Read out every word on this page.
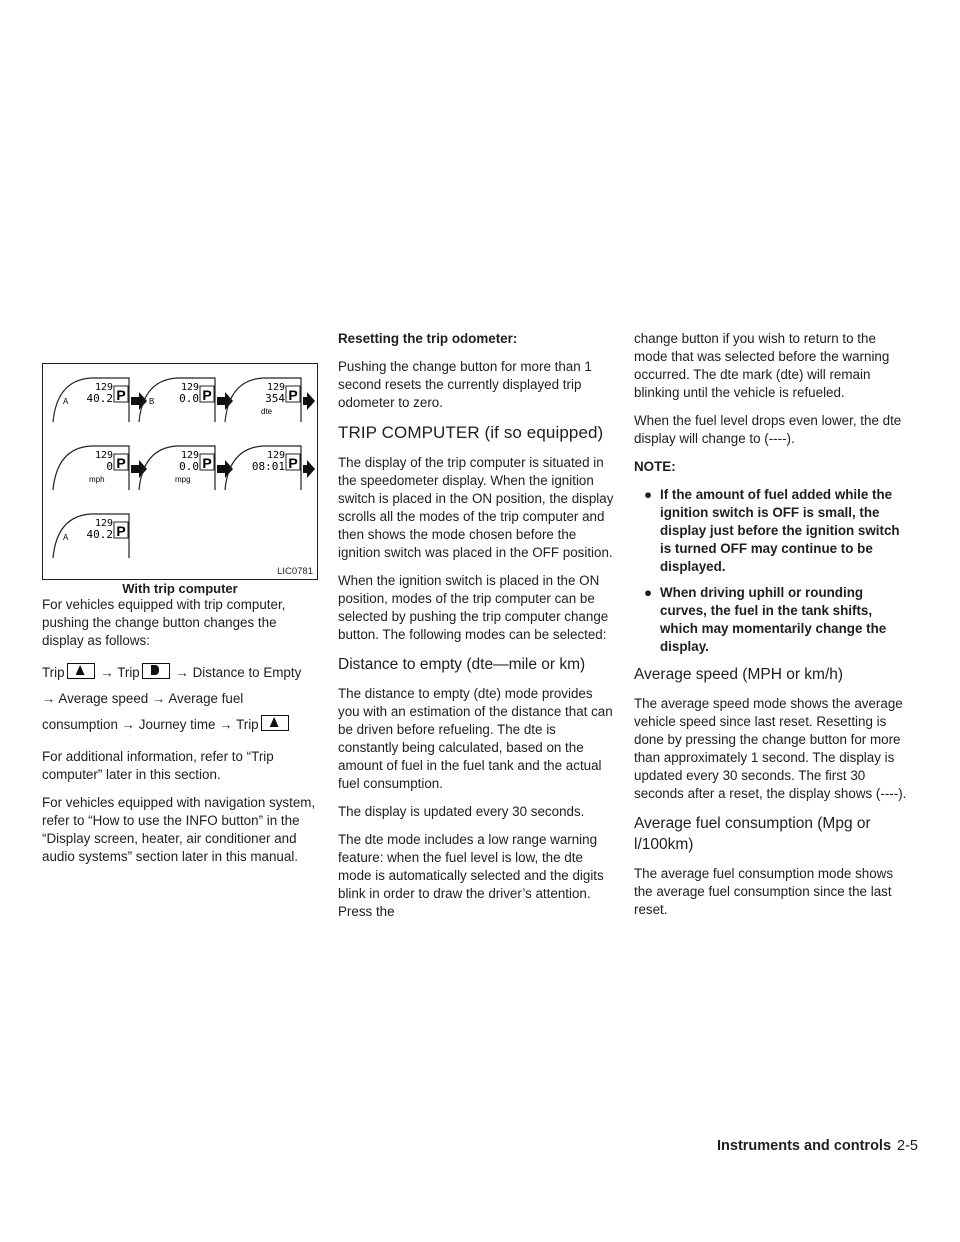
129
40.2 P
A
129
0.0 P
B
129
354 P
dte
129
0 P
mph
129
0.0 P
mpg
129
08:01 P
129
40.2 P
A
LIC0781
With trip computer

For vehicles equipped with trip computer, pushing the change button changes the display as follows:

Trip	→ Trip	→ Distance to Empty → Average speed → Average fuel consumption → Journey time → Trip

For additional information, refer to “Trip computer” later in this section.

For vehicles equipped with navigation system, refer to “How to use the INFO button” in the “Display screen, heater, air conditioner and audio systems” section later in this manual.

Resetting the trip odometer:

Pushing the change button for more than 1 second resets the currently displayed trip odometer to zero.

TRIP COMPUTER (if so equipped)

The display of the trip computer is situated in the speedometer display. When the ignition switch is placed in the ON position, the display scrolls all the modes of the trip computer and then shows the mode chosen before the ignition switch was placed in the OFF position.

When the ignition switch is placed in the ON position, modes of the trip computer can be selected by pushing the trip computer change button. The following modes can be selected:

Distance to empty (dte—mile or km)

The distance to empty (dte) mode provides you with an estimation of the distance that can be driven before refueling. The dte is constantly being calculated, based on the amount of fuel in the fuel tank and the actual fuel consumption.

The display is updated every 30 seconds.

The dte mode includes a low range warning feature: when the fuel level is low, the dte mode is automatically selected and the digits blink in order to draw the driver’s attention. Press the

change button if you wish to return to the mode that was selected before the warning occurred. The dte mark (dte) will remain blinking until the vehicle is refueled.

When the fuel level drops even lower, the dte display will change to (----).

NOTE:

● If the amount of fuel added while the ignition switch is OFF is small, the display just before the ignition switch is turned OFF may continue to be displayed.
● When driving uphill or rounding curves, the fuel in the tank shifts, which may momentarily change the display.

Average speed (MPH or km/h)

The average speed mode shows the average vehicle speed since last reset. Resetting is done by pressing the change button for more than approximately 1 second. The display is updated every 30 seconds. The first 30 seconds after a reset, the display shows (----).

Average fuel consumption (Mpg or l/100km)

The average fuel consumption mode shows the average fuel consumption since the last reset.

Instruments and controls 2-5
